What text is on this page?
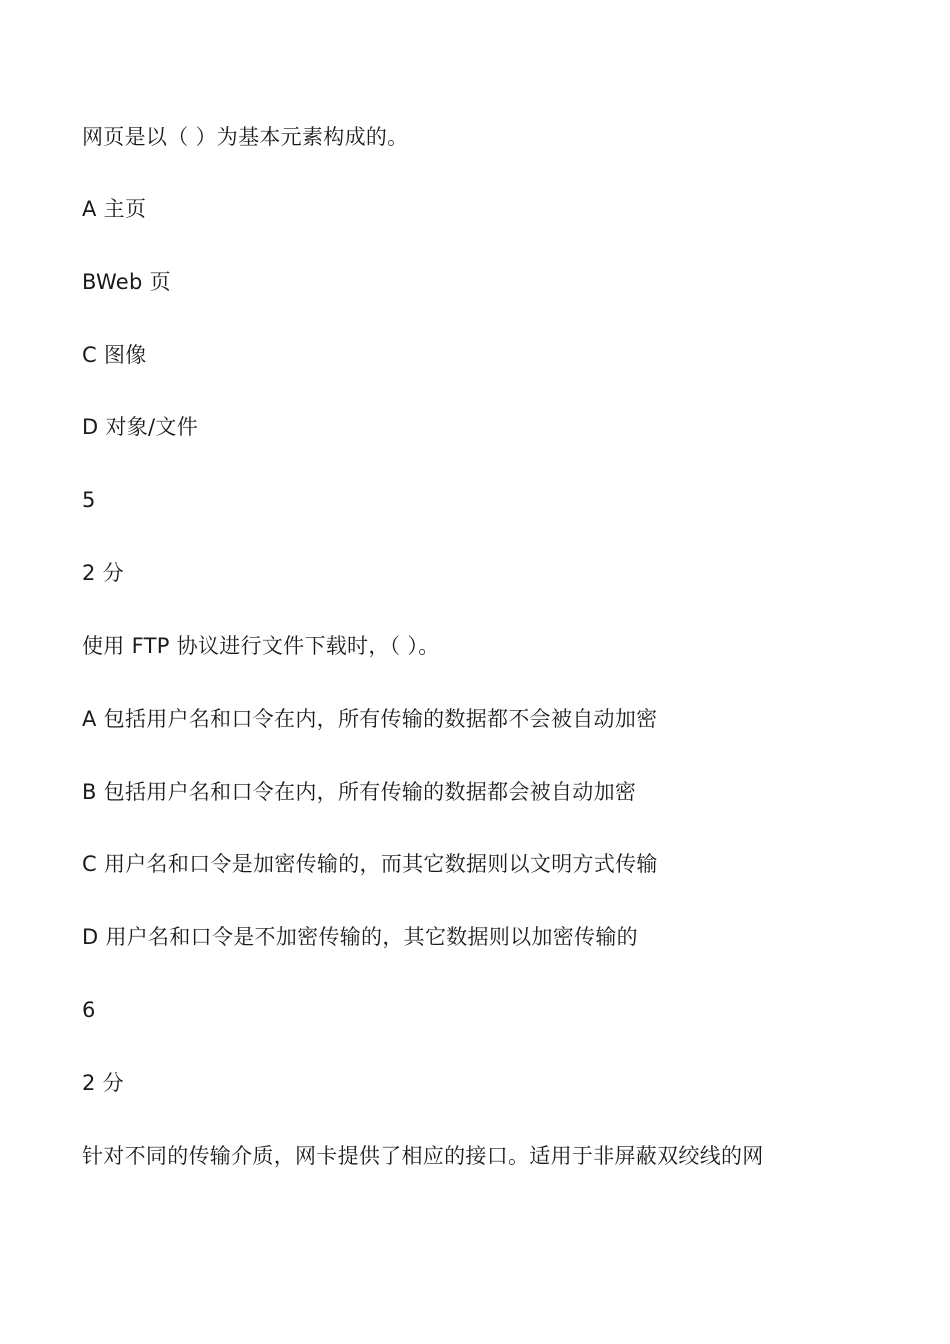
网页是以（ ）为基本元素构成的。
A 主页
BWeb 页
C 图像
D 对象/文件
5
2 分
使用 FTP 协议进行文件下载时，（ ）。
A 包括用户名和口令在内，所有传输的数据都不会被自动加密
B 包括用户名和口令在内，所有传输的数据都会被自动加密
C 用户名和口令是加密传输的，而其它数据则以文明方式传输
D 用户名和口令是不加密传输的，其它数据则以加密传输的
6
2 分
针对不同的传输介质，网卡提供了相应的接口。适用于非屏蔽双绞线的网
